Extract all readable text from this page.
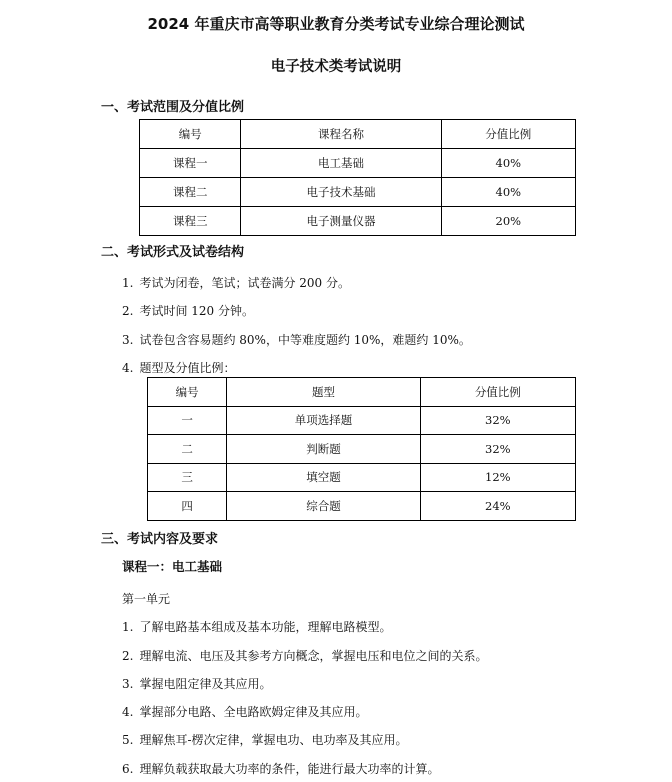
2024 年重庆市高等职业教育分类考试专业综合理论测试
电子技术类考试说明
一、考试范围及分值比例
编号	课程名称	分值比例
课程一	电工基础	40%
课程二	电子技术基础	40%
课程三	电子测量仪器	20%
二、考试形式及试卷结构
1. 考试为闭卷，笔试；试卷满分 200 分。
2. 考试时间 120 分钟。
3. 试卷包含容易题约 80%，中等难度题约 10%，难题约 10%。
4. 题型及分值比例：
编号	题型	分值比例
一	单项选择题	32%
二	判断题	32%
三	填空题	12%
四	综合题	24%
三、考试内容及要求
课程一：电工基础
第一单元
1. 了解电路基本组成及基本功能，理解电路模型。
2. 理解电流、电压及其参考方向概念，掌握电压和电位之间的关系。
3. 掌握电阻定律及其应用。
4. 掌握部分电路、全电路欧姆定律及其应用。
5. 理解焦耳-楞次定律，掌握电功、电功率及其应用。
6. 理解负载获取最大功率的条件，能进行最大功率的计算。
